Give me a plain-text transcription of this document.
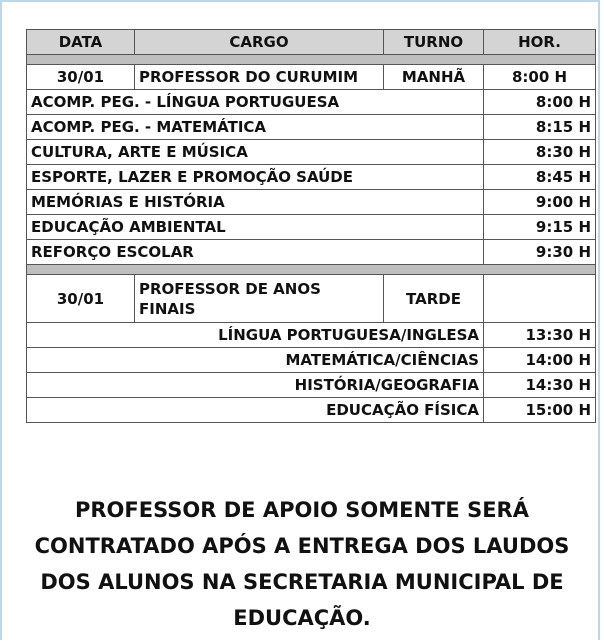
DATA	CARGO	TURNO	HOR.

30/01	PROFESSOR DO CURUMIM	MANHÃ	8:00 H
ACOMP. PEG. - LÍNGUA PORTUGUESA			8:00 H
ACOMP. PEG. - MATEMÁTICA			8:15 H
CULTURA, ARTE E MÚSICA			8:30 H
ESPORTE, LAZER E PROMOÇÃO SAÚDE			8:45 H
MEMÓRIAS E HISTÓRIA			9:00 H
EDUCAÇÃO AMBIENTAL			9:15 H
REFORÇO ESCOLAR			9:30 H

30/01	PROFESSOR DE ANOS FINAIS	TARDE	
LÍNGUA PORTUGUESA/INGLESA			13:30 H
MATEMÁTICA/CIÊNCIAS			14:00 H
HISTÓRIA/GEOGRAFIA			14:30 H
EDUCAÇÃO FÍSICA			15:00 H
PROFESSOR DE APOIO SOMENTE SERÁ CONTRATADO APÓS A ENTREGA DOS LAUDOS DOS ALUNOS NA SECRETARIA MUNICIPAL DE EDUCAÇÃO.
